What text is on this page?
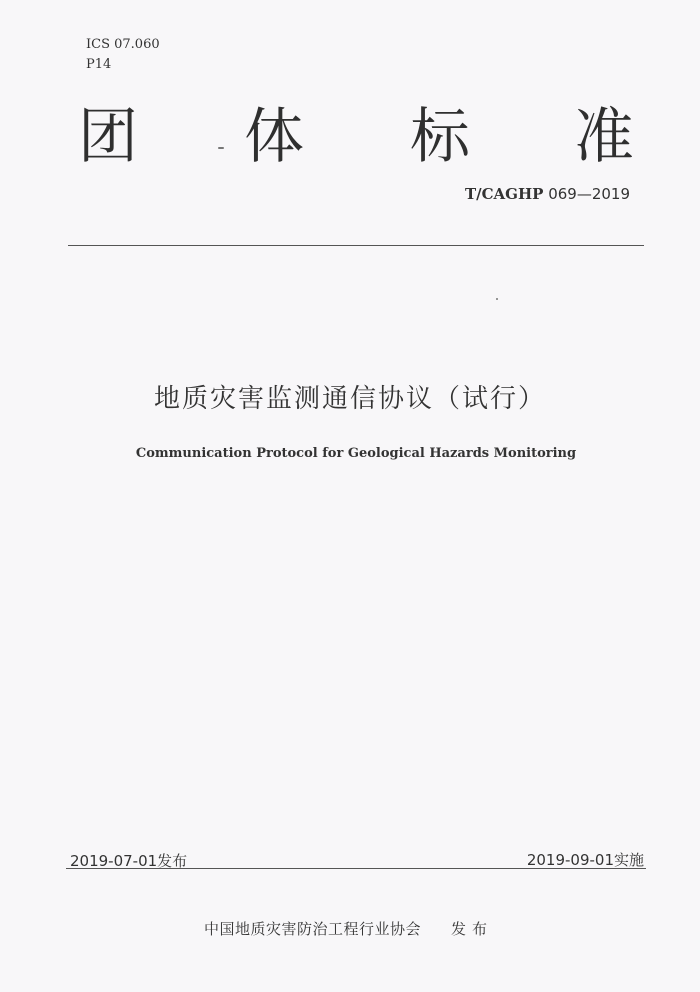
ICS 07.060
P14
团 体 标 准
T/CAGHP 069—2019
地质灾害监测通信协议（试行）
Communication Protocol for Geological Hazards Monitoring
2019-07-01发布	2019-09-01实施
中国地质灾害防治工程行业协会 发布
